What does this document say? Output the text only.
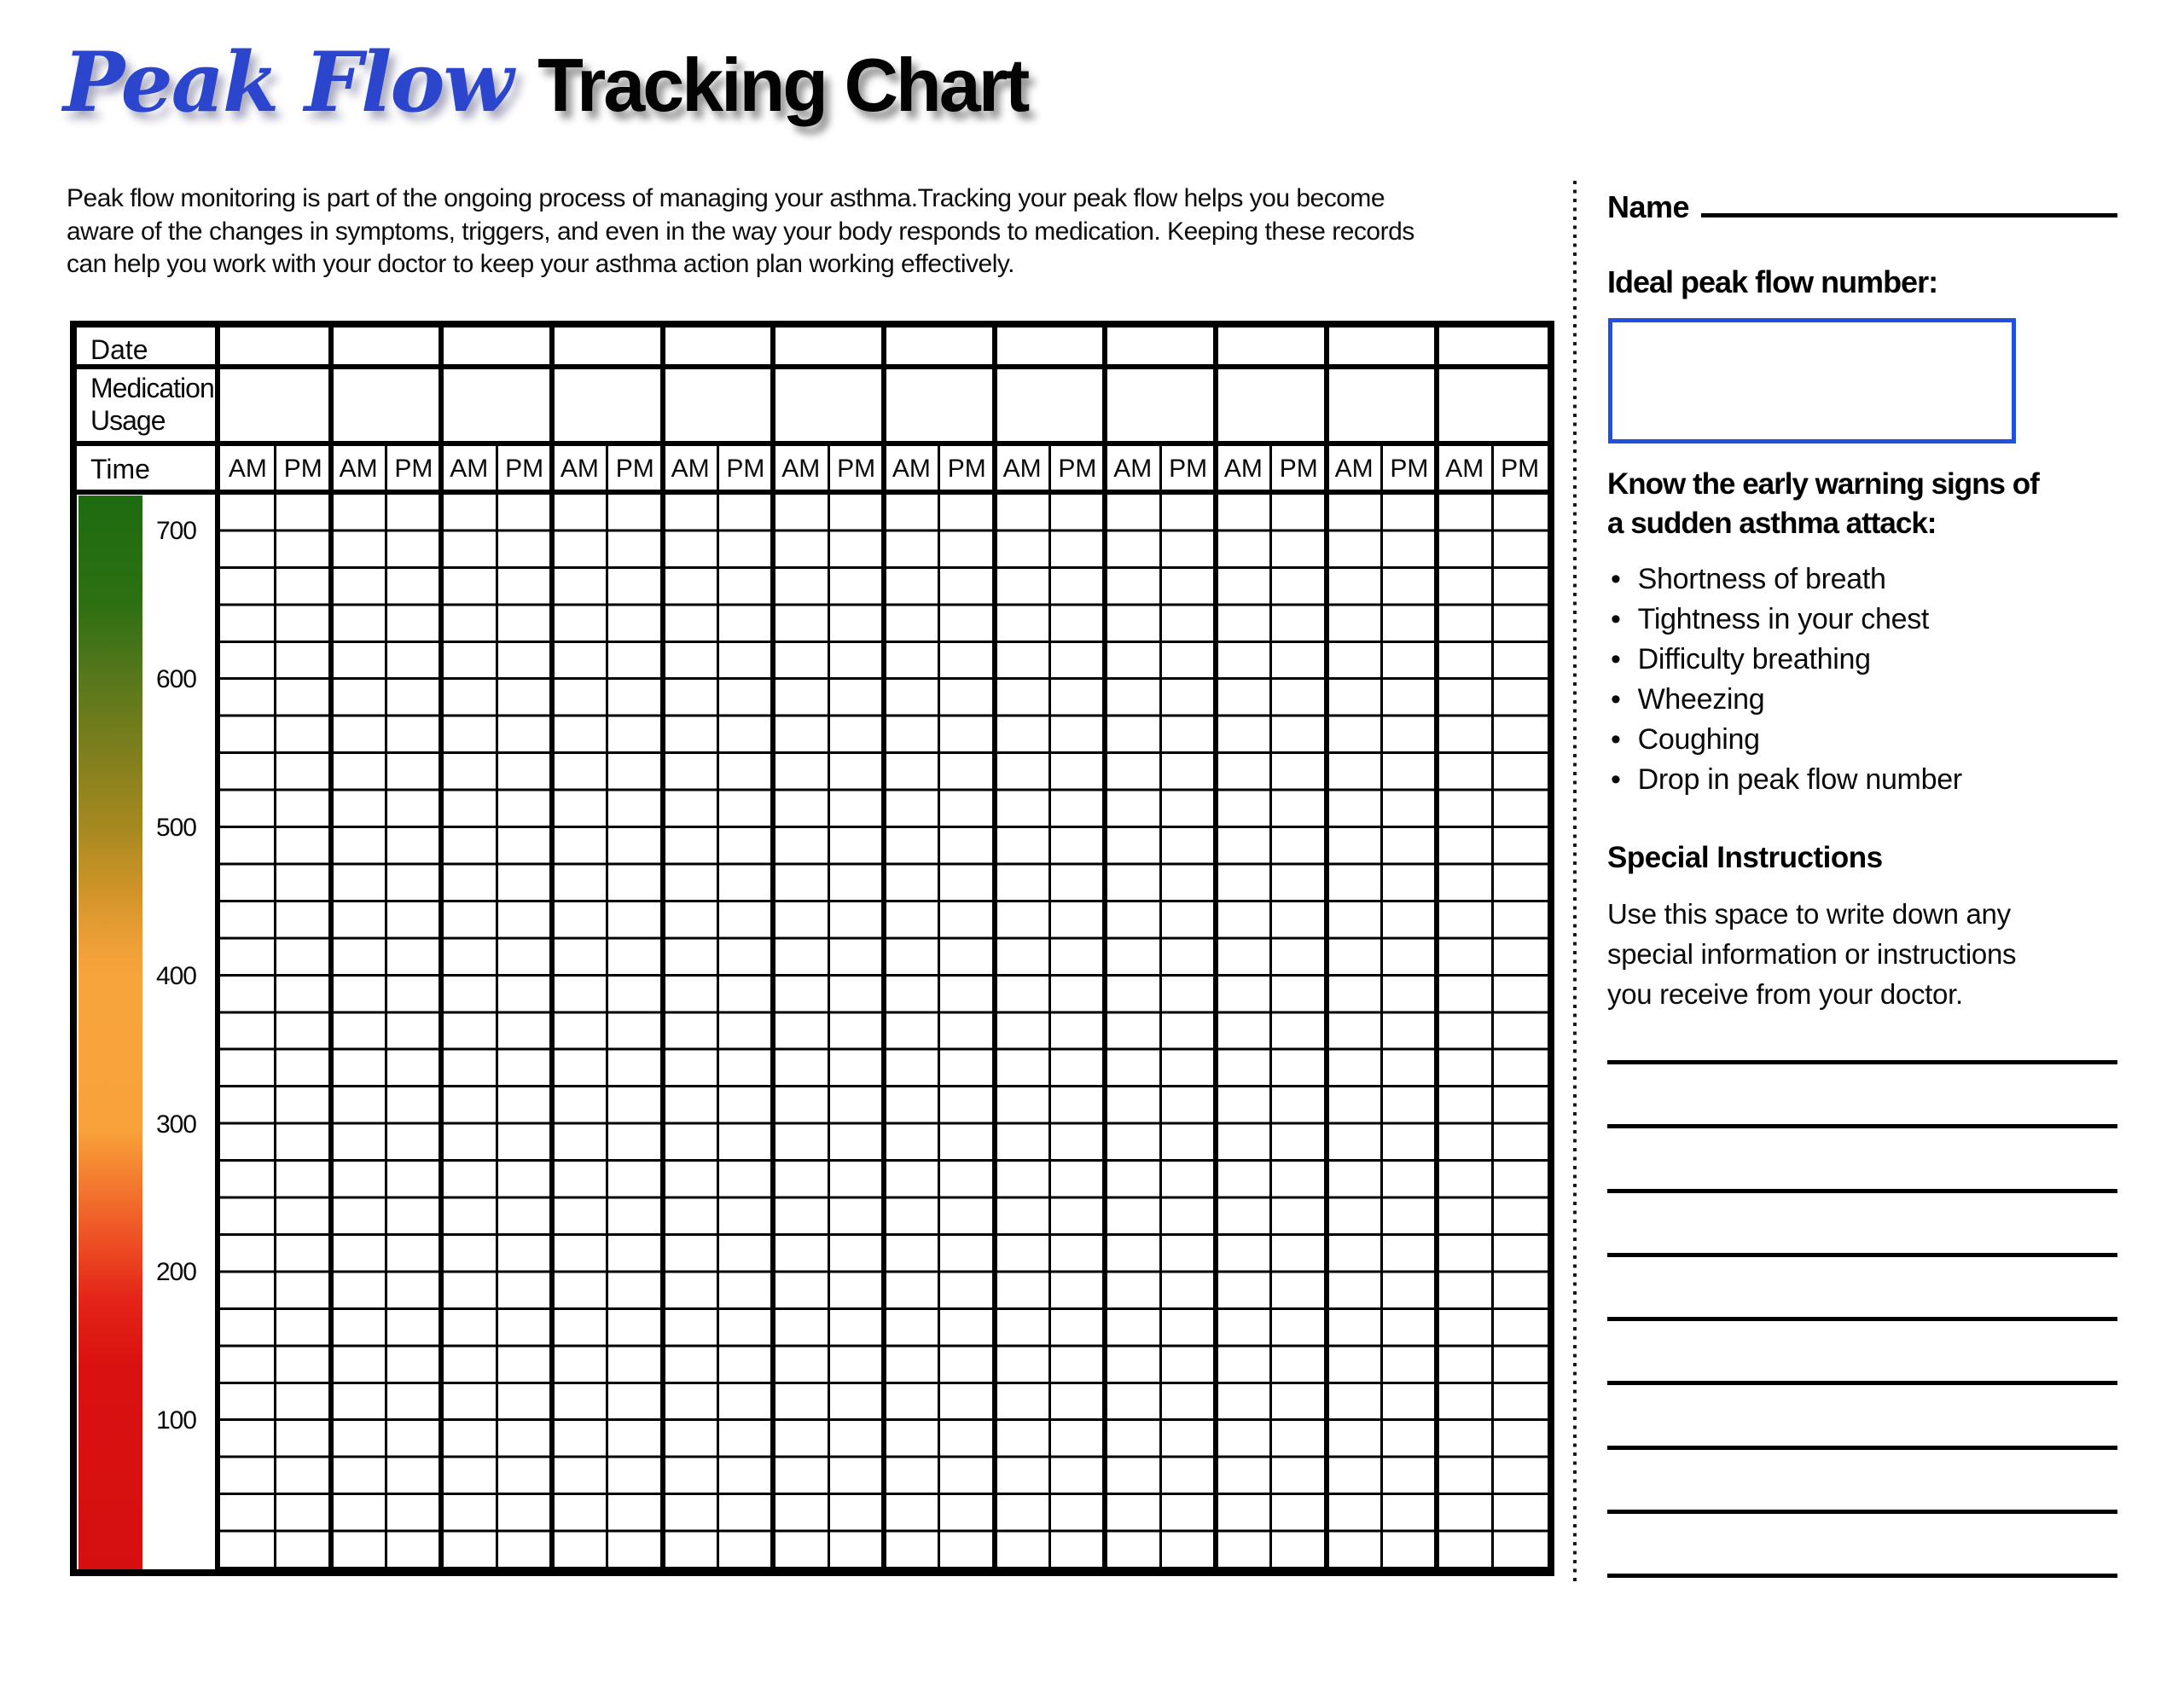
Peak Flow Tracking Chart
Peak flow monitoring is part of the ongoing process of managing your asthma.Tracking your peak flow helps you become
aware of the changes in symptoms, triggers, and even in the way your body responds to medication. Keeping these records
can help you work with your doctor to keep your asthma action plan working effectively.
Date
Medication Usage
Time	AM PM AM PM AM PM AM PM AM PM AM PM AM PM AM PM AM PM AM PM AM PM AM PM
700
600
500
400
300
200
100
Name
Ideal peak flow number:
Know the early warning signs of
a sudden asthma attack:
• Shortness of breath
• Tightness in your chest
• Difficulty breathing
• Wheezing
• Coughing
• Drop in peak flow number
Special Instructions
Use this space to write down any
special information or instructions
you receive from your doctor.
